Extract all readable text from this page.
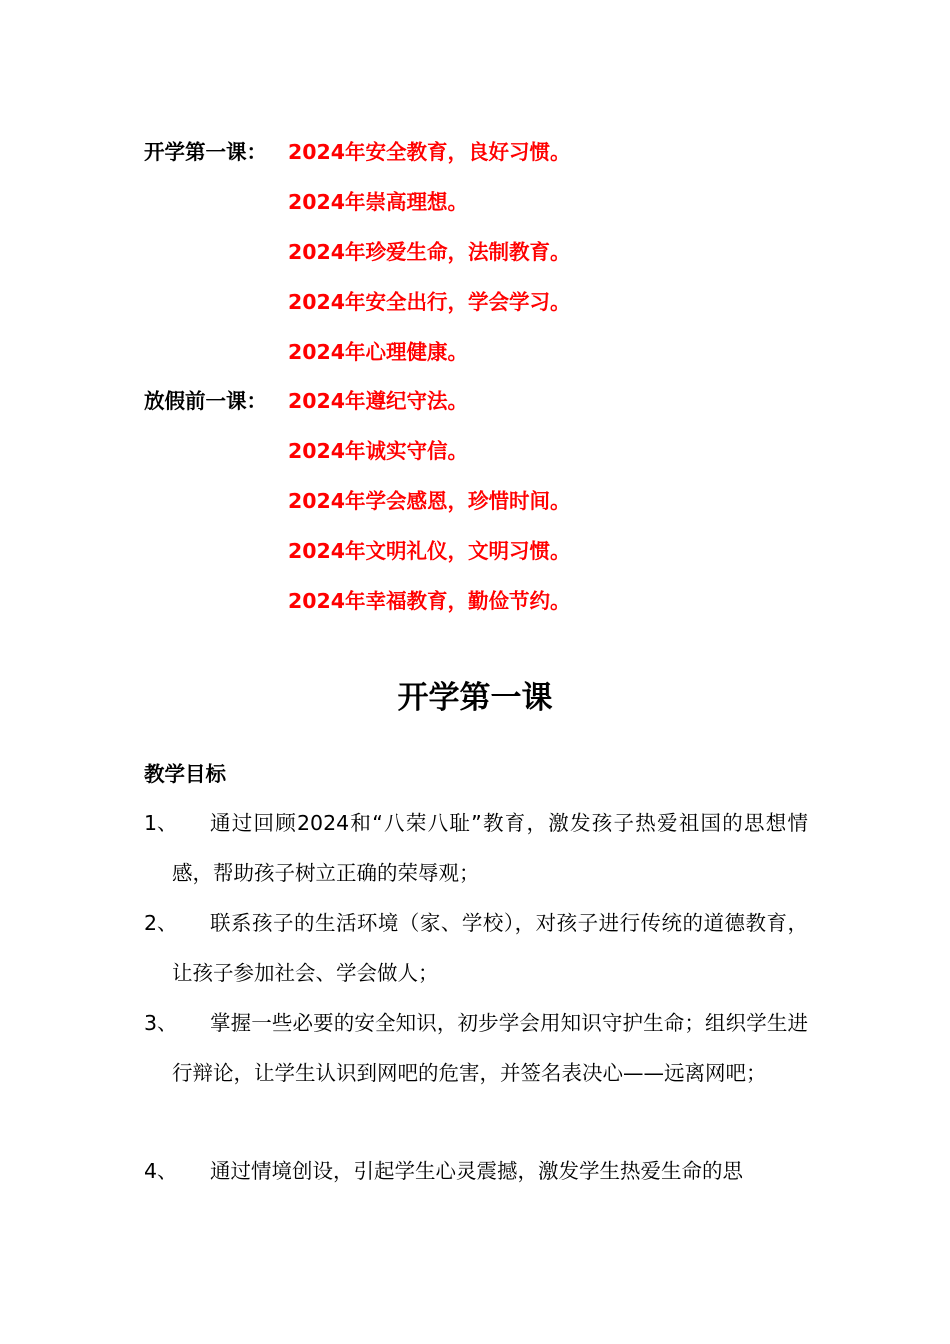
开学第一课： 2024年安全教育，良好习惯。
2024年崇高理想。
2024年珍爱生命，法制教育。
2024年安全出行，学会学习。
2024年心理健康。
放假前一课： 2024年遵纪守法。
2024年诚实守信。
2024年学会感恩，珍惜时间。
2024年文明礼仪，文明习惯。
2024年幸福教育，勤俭节约。
开学第一课
教学目标
1、	通过回顾2024和“八荣八耻”教育，激发孩子热爱祖国的思想情感，帮助孩子树立正确的荣辱观；
2、	联系孩子的生活环境（家、学校），对孩子进行传统的道德教育，让孩子参加社会、学会做人；
3、	掌握一些必要的安全知识，初步学会用知识守护生命；组织学生进行辩论，让学生认识到网吧的危害，并签名表决心——远离网吧；
4、	通过情境创设，引起学生心灵震撼，激发学生热爱生命的思
